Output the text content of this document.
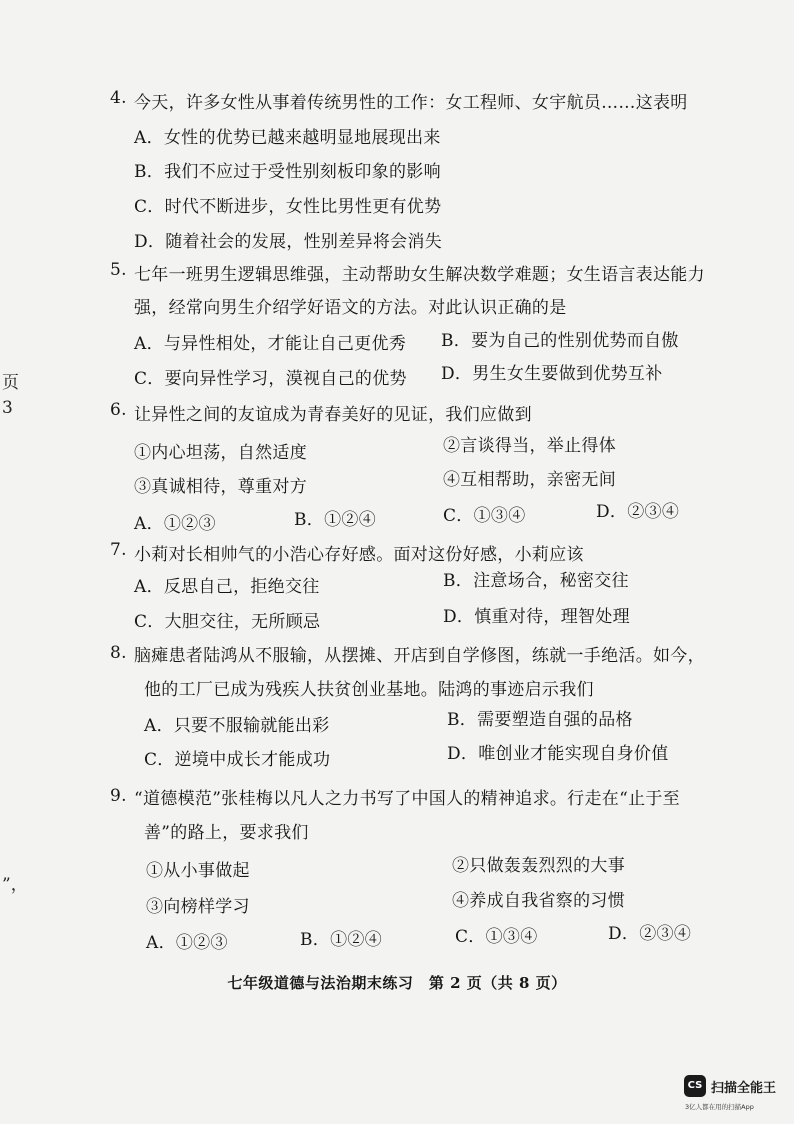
页
3
”，
4. 今天，许多女性从事着传统男性的工作：女工程师、女宇航员……这表明
A．女性的优势已越来越明显地展现出来
B．我们不应过于受性别刻板印象的影响
C．时代不断进步，女性比男性更有优势
D．随着社会的发展，性别差异将会消失
5. 七年一班男生逻辑思维强，主动帮助女生解决数学难题；女生语言表达能力
强，经常向男生介绍学好语文的方法。对此认识正确的是
A．与异性相处，才能让自己更优秀 B．要为自己的性别优势而自傲
C．要向异性学习，漠视自己的优势 D．男生女生要做到优势互补
6. 让异性之间的友谊成为青春美好的见证，我们应做到
①内心坦荡，自然适度	②言谈得当，举止得体
③真诚相待，尊重对方	④互相帮助，亲密无间
A．①②③	B．①②④	C．①③④	D．②③④
7. 小莉对长相帅气的小浩心存好感。面对这份好感，小莉应该
A．反思自己，拒绝交往	B．注意场合，秘密交往
C．大胆交往，无所顾忌	D．慎重对待，理智处理
8. 脑瘫患者陆鸿从不服输，从摆摊、开店到自学修图，练就一手绝活。如今，
他的工厂已成为残疾人扶贫创业基地。陆鸿的事迹启示我们
A．只要不服输就能出彩	B．需要塑造自强的品格
C．逆境中成长才能成功	D．唯创业才能实现自身价值
9. “道德模范”张桂梅以凡人之力书写了中国人的精神追求。行走在“止于至
善”的路上，要求我们
①从小事做起	②只做轰轰烈烈的大事
③向榜样学习	④养成自我省察的习惯
A．①②③	B．①②④	C．①③④	D．②③④
七年级道德与法治期末练习　第 2 页（共 8 页）
CS 扫描全能王
3亿人都在用的扫描App
